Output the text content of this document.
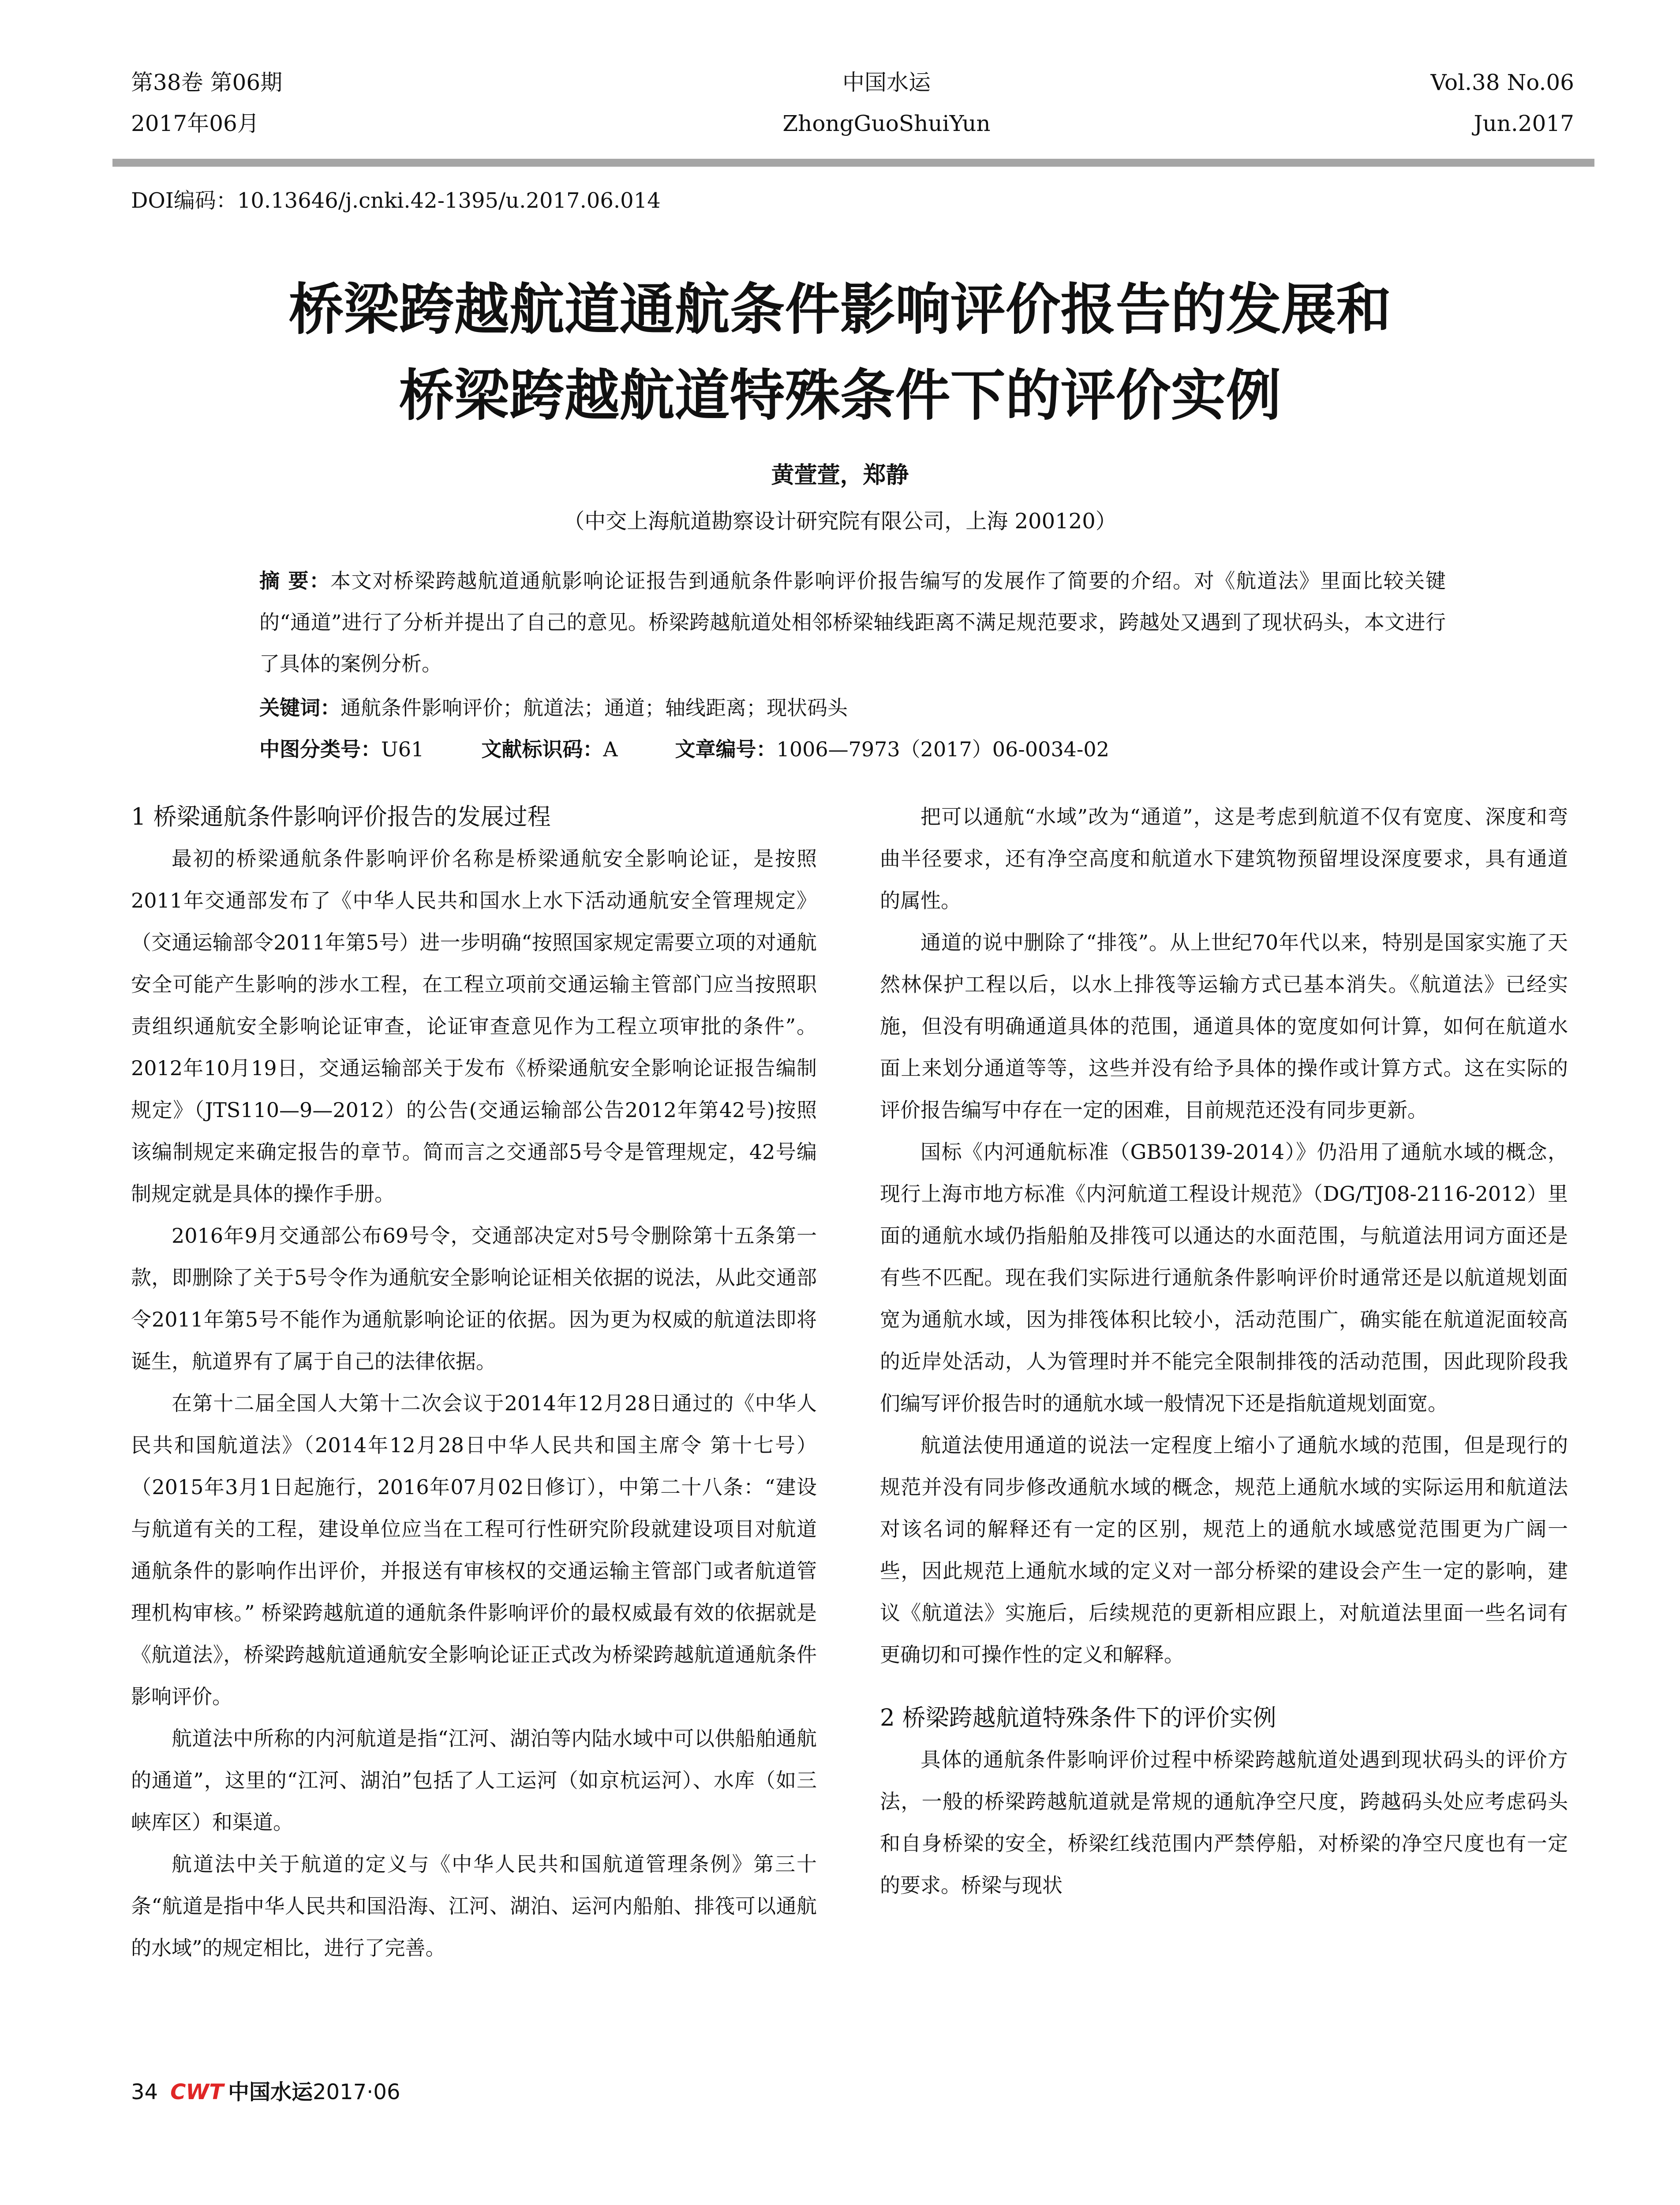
第38卷 第06期
2017年06月
中国水运
ZhongGuoShuiYun
Vol.38 No.06
Jun.2017
DOI编码：10.13646/j.cnki.42-1395/u.2017.06.014
桥梁跨越航道通航条件影响评价报告的发展和
桥梁跨越航道特殊条件下的评价实例
黄萱萱，郑静
（中交上海航道勘察设计研究院有限公司，上海 200120）

摘 要：本文对桥梁跨越航道通航影响论证报告到通航条件影响评价报告编写的发展作了简要的介绍。对《航道法》里面比较关键的“通道”进行了分析并提出了自己的意见。桥梁跨越航道处相邻桥梁轴线距离不满足规范要求，跨越处又遇到了现状码头，本文进行了具体的案例分析。

关键词：通航条件影响评价；航道法；通道；轴线距离；现状码头
中图分类号：U61	文献标识码：A	文章编号：1006—7973（2017）06-0034-02
1 桥梁通航条件影响评价报告的发展过程

最初的桥梁通航条件影响评价名称是桥梁通航安全影响论证，是按照2011年交通部发布了《中华人民共和国水上水下活动通航安全管理规定》（交通运输部令2011年第5号）进一步明确“按照国家规定需要立项的对通航安全可能产生影响的涉水工程，在工程立项前交通运输主管部门应当按照职责组织通航安全影响论证审查，论证审查意见作为工程立项审批的条件”。2012年10月19日，交通运输部关于发布《桥梁通航安全影响论证报告编制规定》（JTS110—9—2012）的公告(交通运输部公告2012年第42号)按照该编制规定来确定报告的章节。简而言之交通部5号令是管理规定，42号编制规定就是具体的操作手册。

2016年9月交通部公布69号令，交通部决定对5号令删除第十五条第一款，即删除了关于5号令作为通航安全影响论证相关依据的说法，从此交通部令2011年第5号不能作为通航影响论证的依据。因为更为权威的航道法即将诞生，航道界有了属于自己的法律依据。

在第十二届全国人大第十二次会议于2014年12月28日通过的《中华人民共和国航道法》（2014年12月28日中华人民共和国主席令 第十七号）（2015年3月1日起施行，2016年07月02日修订），中第二十八条：“建设与航道有关的工程，建设单位应当在工程可行性研究阶段就建设项目对航道通航条件的影响作出评价，并报送有审核权的交通运输主管部门或者航道管理机构审核。” 桥梁跨越航道的通航条件影响评价的最权威最有效的依据就是《航道法》，桥梁跨越航道通航安全影响论证正式改为桥梁跨越航道通航条件影响评价。

航道法中所称的内河航道是指“江河、湖泊等内陆水域中可以供船舶通航的通道”，这里的“江河、湖泊”包括了人工运河（如京杭运河）、水库（如三峡库区）和渠道。

航道法中关于航道的定义与《中华人民共和国航道管理条例》第三十条“航道是指中华人民共和国沿海、江河、湖泊、运河内船舶、排筏可以通航的水域”的规定相比，进行了完善。

把可以通航“水域”改为“通道”，这是考虑到航道不仅有宽度、深度和弯曲半径要求，还有净空高度和航道水下建筑物预留埋设深度要求，具有通道的属性。

通道的说中删除了“排筏”。从上世纪70年代以来，特别是国家实施了天然林保护工程以后，以水上排筏等运输方式已基本消失。《航道法》已经实施，但没有明确通道具体的范围，通道具体的宽度如何计算，如何在航道水面上来划分通道等等，这些并没有给予具体的操作或计算方式。这在实际的评价报告编写中存在一定的困难，目前规范还没有同步更新。

国标《内河通航标准（GB50139-2014）》仍沿用了通航水域的概念，现行上海市地方标准《内河航道工程设计规范》（DG/TJ08-2116-2012）里面的通航水域仍指船舶及排筏可以通达的水面范围，与航道法用词方面还是有些不匹配。现在我们实际进行通航条件影响评价时通常还是以航道规划面宽为通航水域，因为排筏体积比较小，活动范围广，确实能在航道泥面较高的近岸处活动，人为管理时并不能完全限制排筏的活动范围，因此现阶段我们编写评价报告时的通航水域一般情况下还是指航道规划面宽。

航道法使用通道的说法一定程度上缩小了通航水域的范围，但是现行的规范并没有同步修改通航水域的概念，规范上通航水域的实际运用和航道法对该名词的解释还有一定的区别，规范上的通航水域感觉范围更为广阔一些，因此规范上通航水域的定义对一部分桥梁的建设会产生一定的影响，建议《航道法》实施后，后续规范的更新相应跟上，对航道法里面一些名词有更确切和可操作性的定义和解释。

2 桥梁跨越航道特殊条件下的评价实例

具体的通航条件影响评价过程中桥梁跨越航道处遇到现状码头的评价方法，一般的桥梁跨越航道就是常规的通航净空尺度，跨越码头处应考虑码头和自身桥梁的安全，桥梁红线范围内严禁停船，对桥梁的净空尺度也有一定的要求。桥梁与现状

34 CWT 中国水运2017·06
